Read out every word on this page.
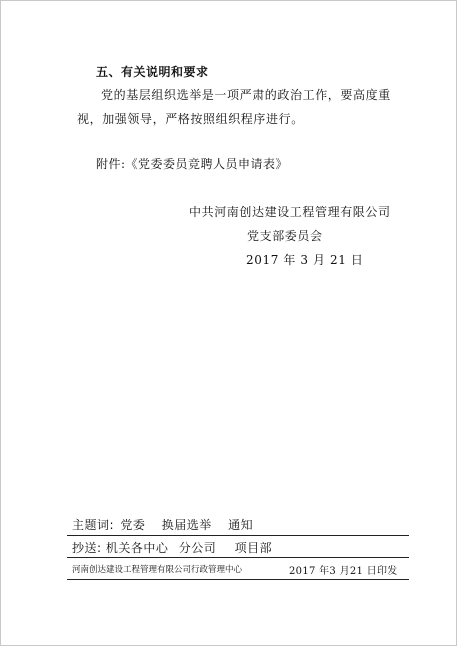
五、有关说明和要求
党的基层组织选举是一项严肃的政治工作，要高度重视，加强领导，严格按照组织程序进行。
附件:《党委委员竞聘人员申请表》
中共河南创达建设工程管理有限公司
党支部委员会
2017 年 3 月 21 日
主题词: 党委 换届选举 通知
抄送: 机关各中心 分公司 项目部
河南创达建设工程管理有限公司行政管理中心	2017 年3 月21 日印发
